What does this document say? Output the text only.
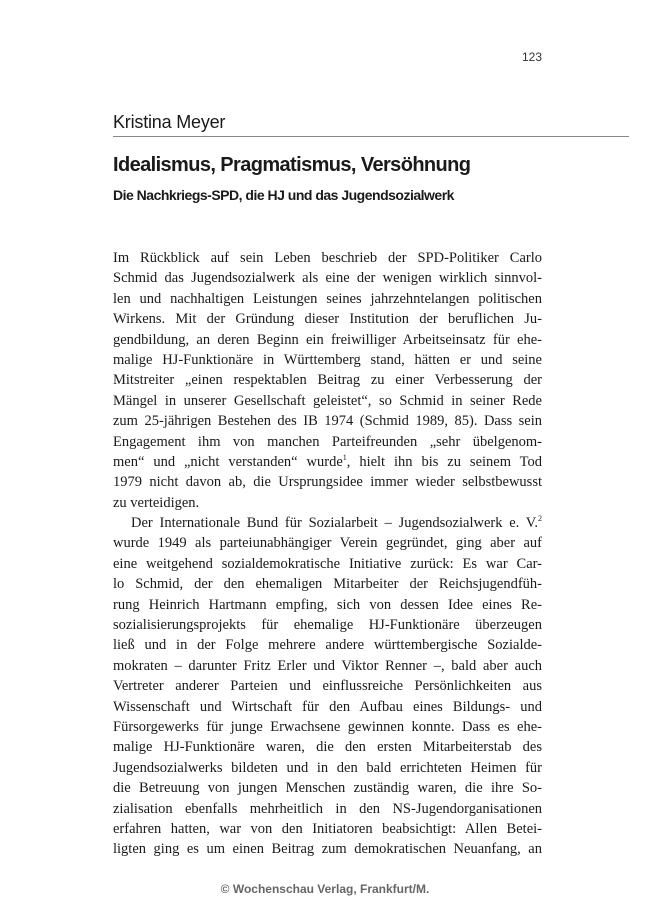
123
Kristina Meyer
Idealismus, Pragmatismus, Versöhnung
Die Nachkriegs-SPD, die HJ und das Jugendsozialwerk
Im Rückblick auf sein Leben beschrieb der SPD-Politiker Carlo
Schmid das Jugendsozialwerk als eine der wenigen wirklich sinnvol-
len und nachhaltigen Leistungen seines jahrzehntelangen politischen
Wirkens. Mit der Gründung dieser Institution der beruflichen Ju-
gendbildung, an deren Beginn ein freiwilliger Arbeitseinsatz für ehe-
malige HJ-Funktionäre in Württemberg stand, hätten er und seine
Mitstreiter „einen respektablen Beitrag zu einer Verbesserung der
Mängel in unserer Gesellschaft geleistet“, so Schmid in seiner Rede
zum 25-jährigen Bestehen des IB 1974 (Schmid 1989, 85). Dass sein
Engagement ihm von manchen Parteifreunden „sehr übelgenom-
men“ und „nicht verstanden“ wurde$^1$, hielt ihn bis zu seinem Tod
1979 nicht davon ab, die Ursprungsidee immer wieder selbstbewusst
zu verteidigen.
Der Internationale Bund für Sozialarbeit – Jugendsozialwerk e. V.$^2$
wurde 1949 als parteiunabhängiger Verein gegründet, ging aber auf
eine weitgehend sozialdemokratische Initiative zurück: Es war Car-
lo Schmid, der den ehemaligen Mitarbeiter der Reichsjugendfüh-
rung Heinrich Hartmann empfing, sich von dessen Idee eines Re-
sozialisierungsprojekts für ehemalige HJ-Funktionäre überzeugen
ließ und in der Folge mehrere andere württembergische Sozialde-
mokraten – darunter Fritz Erler und Viktor Renner –, bald aber auch
Vertreter anderer Parteien und einflussreiche Persönlichkeiten aus
Wissenschaft und Wirtschaft für den Aufbau eines Bildungs- und
Fürsorgewerks für junge Erwachsene gewinnen konnte. Dass es ehe-
malige HJ-Funktionäre waren, die den ersten Mitarbeiterstab des
Jugendsozialwerks bildeten und in den bald errichteten Heimen für
die Betreuung von jungen Menschen zuständig waren, die ihre So-
zialisation ebenfalls mehrheitlich in den NS-Jugendorganisationen
erfahren hatten, war von den Initiatoren beabsichtigt: Allen Betei-
ligten ging es um einen Beitrag zum demokratischen Neuanfang, an
© Wochenschau Verlag, Frankfurt/M.
